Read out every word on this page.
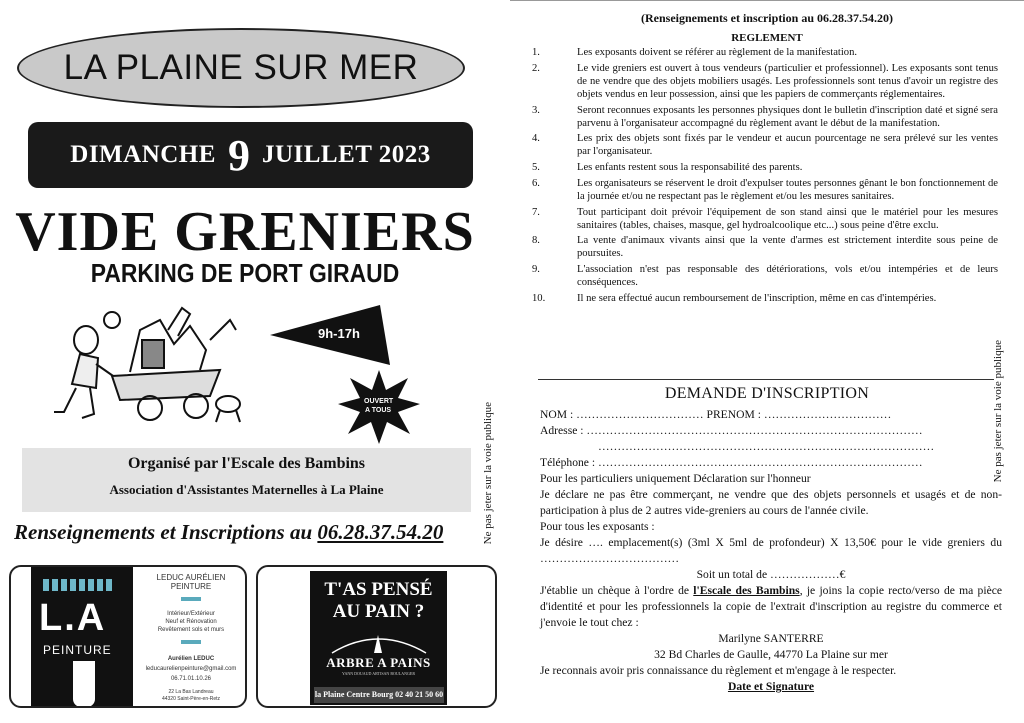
LA PLAINE SUR MER
DIMANCHE 9 JUILLET 2023
VIDE GRENIERS
PARKING DE PORT GIRAUD
9h-17h
OUVERT
A TOUS	Ne pas jeter sur la voie publique
Organisé par l'Escale des Bambins
Association d'Assistantes Maternelles à La Plaine
Renseignements et Inscriptions au 06.28.37.54.20
L.A
PEINTURE
LEDUC AURÉLIEN
PEINTURE
Intérieur/Extérieur
Neuf et Rénovation
Revêtement sols et murs
Aurélien LEDUC
leducaurelienpeinture@gmail.com
06.71.01.10.26
22 La Bas Landreau
44320 Saint-Père-en-Retz
T'AS PENSÉ
AU PAIN ?
ARBRE A PAINS
YANN DOUAUD ARTISAN BOULANGER
la Plaine Centre Bourg 02 40 21 50 60
(Renseignements et inscription au 06.28.37.54.20)
REGLEMENT
1.	Les exposants doivent se référer au règlement de la manifestation.
2.	Le vide greniers est ouvert à tous vendeurs (particulier et professionnel). Les exposants sont tenus de ne vendre que des objets mobiliers usagés. Les professionnels sont tenus d'avoir un registre des objets vendus en leur possession, ainsi que les papiers de commerçants réglementaires.
3.	Seront reconnues exposants les personnes physiques dont le bulletin d'inscription daté et signé sera parvenu à l'organisateur accompagné du règlement avant le début de la manifestation.
4.	Les prix des objets sont fixés par le vendeur et aucun pourcentage ne sera prélevé sur les ventes par l'organisateur.
5.	Les enfants restent sous la responsabilité des parents.
6.	Les organisateurs se réservent le droit d'expulser toutes personnes gênant le bon fonctionnement de la journée et/ou ne respectant pas le règlement et/ou les mesures sanitaires.
7.	Tout participant doit prévoir l'équipement de son stand ainsi que le matériel pour les mesures sanitaires (tables, chaises, masque, gel hydroalcoolique etc...) sous peine d'être exclu.
8.	La vente d'animaux vivants ainsi que la vente d'armes est strictement interdite sous peine de poursuites.
9.	L'association n'est pas responsable des détériorations, vols et/ou intempéries et de leurs conséquences.
10.	Il ne sera effectué aucun remboursement de l'inscription, même en cas d'intempéries.
DEMANDE D'INSCRIPTION

NOM : …………………………… PRENOM : ……………………………

Adresse : ……………………………………………………………………………

……………………………………………………………………………

Téléphone : …………………………………………………………………………

Pour les particuliers uniquement Déclaration sur l'honneur

Je déclare ne pas être commerçant, ne vendre que des objets personnels et usagés et de non-participation à plus de 2 autres vide-greniers au cours de l'année civile.

Pour tous les exposants :

Je désire …. emplacement(s) (3ml X 5ml de profondeur) X 13,50€ pour le vide greniers du ………………………………

Soit un total de ………………€

J'établie un chèque à l'ordre de l'Escale des Bambins, je joins la copie recto/verso de ma pièce d'identité et pour les professionnels la copie de l'extrait d'inscription au registre du commerce et j'envoie le tout chez :

Marilyne SANTERRE

32 Bd Charles de Gaulle, 44770 La Plaine sur mer

Je reconnais avoir pris connaissance du règlement et m'engage à le respecter.

Date et Signature

Ne pas jeter sur la voie publique
